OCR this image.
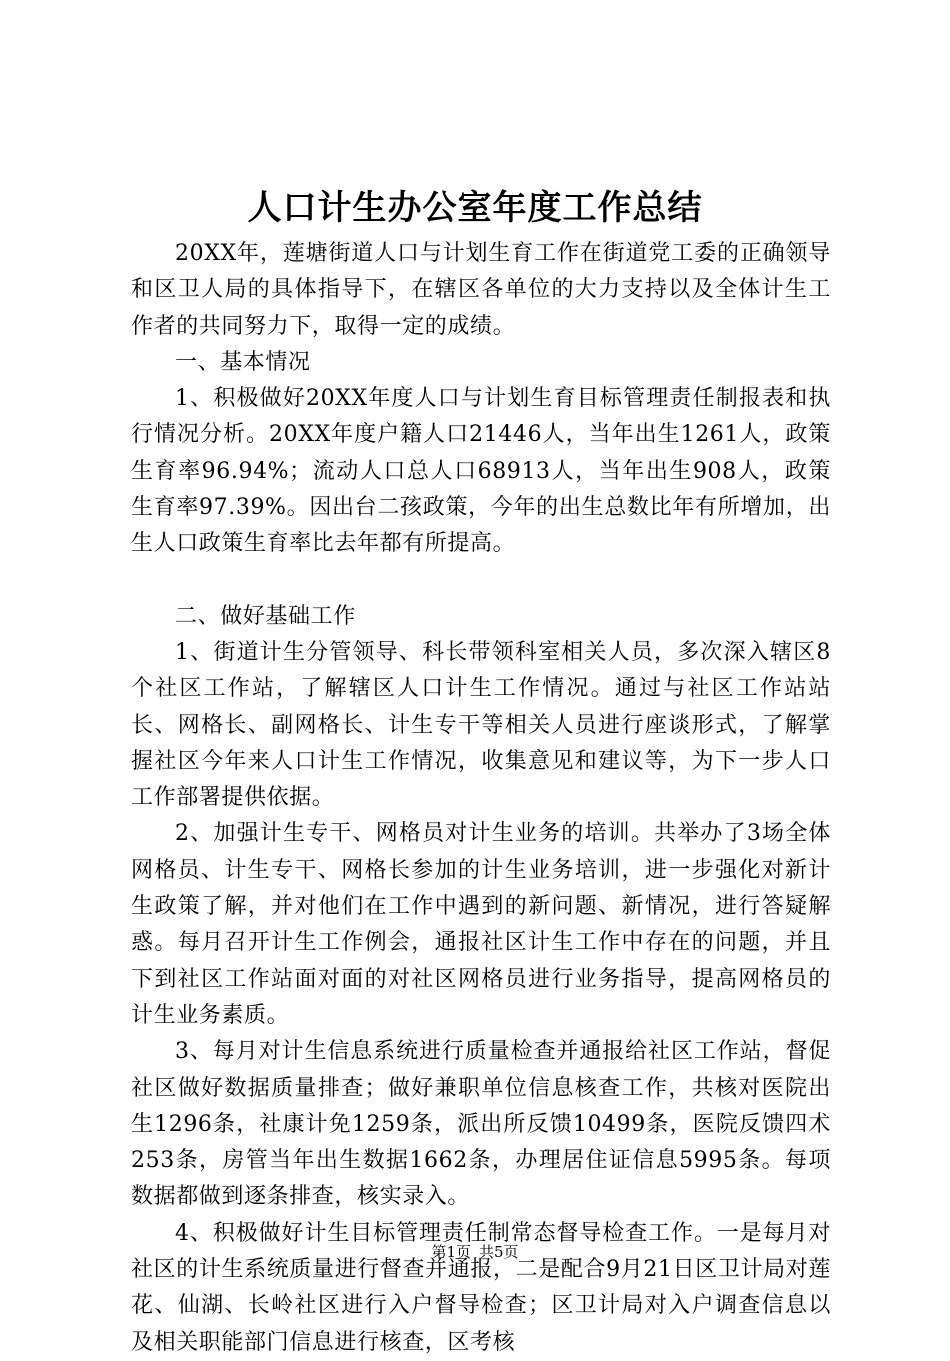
人口计生办公室年度工作总结

20XX年，莲塘街道人口与计划生育工作在街道党工委的正确领导和区卫人局的具体指导下，在辖区各单位的大力支持以及全体计生工作者的共同努力下，取得一定的成绩。

一、基本情况

1、积极做好20XX年度人口与计划生育目标管理责任制报表和执行情况分析。20XX年度户籍人口21446人，当年出生1261人，政策生育率96.94%；流动人口总人口68913人，当年出生908人，政策生育率97.39%。因出台二孩政策，今年的出生总数比年有所增加，出生人口政策生育率比去年都有所提高。

二、做好基础工作

1、街道计生分管领导、科长带领科室相关人员，多次深入辖区8个社区工作站，了解辖区人口计生工作情况。通过与社区工作站站长、网格长、副网格长、计生专干等相关人员进行座谈形式，了解掌握社区今年来人口计生工作情况，收集意见和建议等，为下一步人口工作部署提供依据。

2、加强计生专干、网格员对计生业务的培训。共举办了3场全体网格员、计生专干、网格长参加的计生业务培训，进一步强化对新计生政策了解，并对他们在工作中遇到的新问题、新情况，进行答疑解惑。每月召开计生工作例会，通报社区计生工作中存在的问题，并且下到社区工作站面对面的对社区网格员进行业务指导，提高网格员的计生业务素质。

3、每月对计生信息系统进行质量检查并通报给社区工作站，督促社区做好数据质量排查；做好兼职单位信息核查工作，共核对医院出生1296条，社康计免1259条，派出所反馈10499条，医院反馈四术253条，房管当年出生数据1662条，办理居住证信息5995条。每项数据都做到逐条排查，核实录入。

4、积极做好计生目标管理责任制常态督导检查工作。一是每月对社区的计生系统质量进行督查并通报，二是配合9月21日区卫计局对莲花、仙湖、长岭社区进行入户督导检查；区卫计局对入户调查信息以及相关职能部门信息进行核查，区考核

第1页 共5页
